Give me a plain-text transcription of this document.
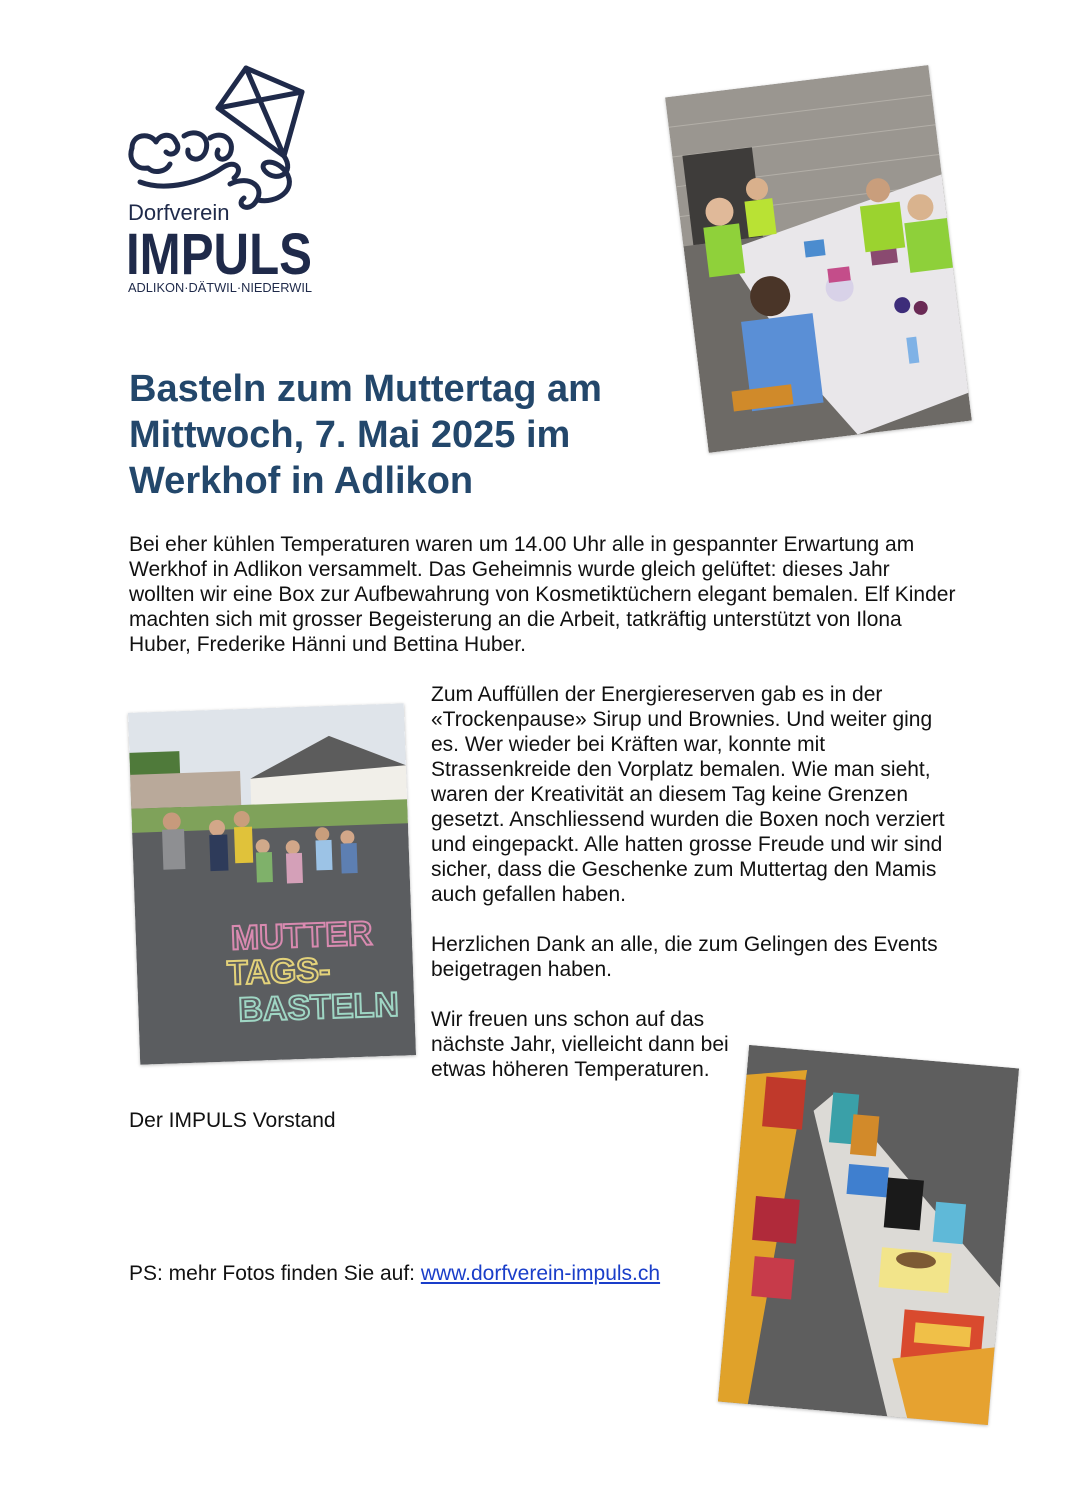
Dorfverein
IMPULS
ADLIKON·DÄTWIL·NIEDERWIL
Basteln zum Muttertag am Mittwoch, 7. Mai 2025 im Werkhof in Adlikon

Bei eher kühlen Temperaturen waren um 14.00 Uhr alle in gespannter Erwartung am Werkhof in Adlikon versammelt. Das Geheimnis wurde gleich gelüftet: dieses Jahr wollten wir eine Box zur Aufbewahrung von Kosmetiktüchern elegant bemalen. Elf Kinder machten sich mit grosser Begeisterung an die Arbeit, tatkräftig unterstützt von Ilona Huber, Frederike Hänni und Bettina Huber.

Zum Auffüllen der Energiereserven gab es in der «Trockenpause» Sirup und Brownies. Und weiter ging es. Wer wieder bei Kräften war, konnte mit Strassenkreide den Vorplatz bemalen. Wie man sieht, waren der Kreativität an diesem Tag keine Grenzen gesetzt. Anschliessend wurden die Boxen noch verziert und eingepackt. Alle hatten grosse Freude und wir sind sicher, dass die Geschenke zum Muttertag den Mamis auch gefallen haben.

Herzlichen Dank an alle, die zum Gelingen des Events beigetragen haben.

Wir freuen uns schon auf das nächste Jahr, vielleicht dann bei etwas höheren Temperaturen.

Der IMPULS Vorstand

PS: mehr Fotos finden Sie auf: www.dorfverein-impuls.ch

MUTTER
TAGS-
BASTELN
